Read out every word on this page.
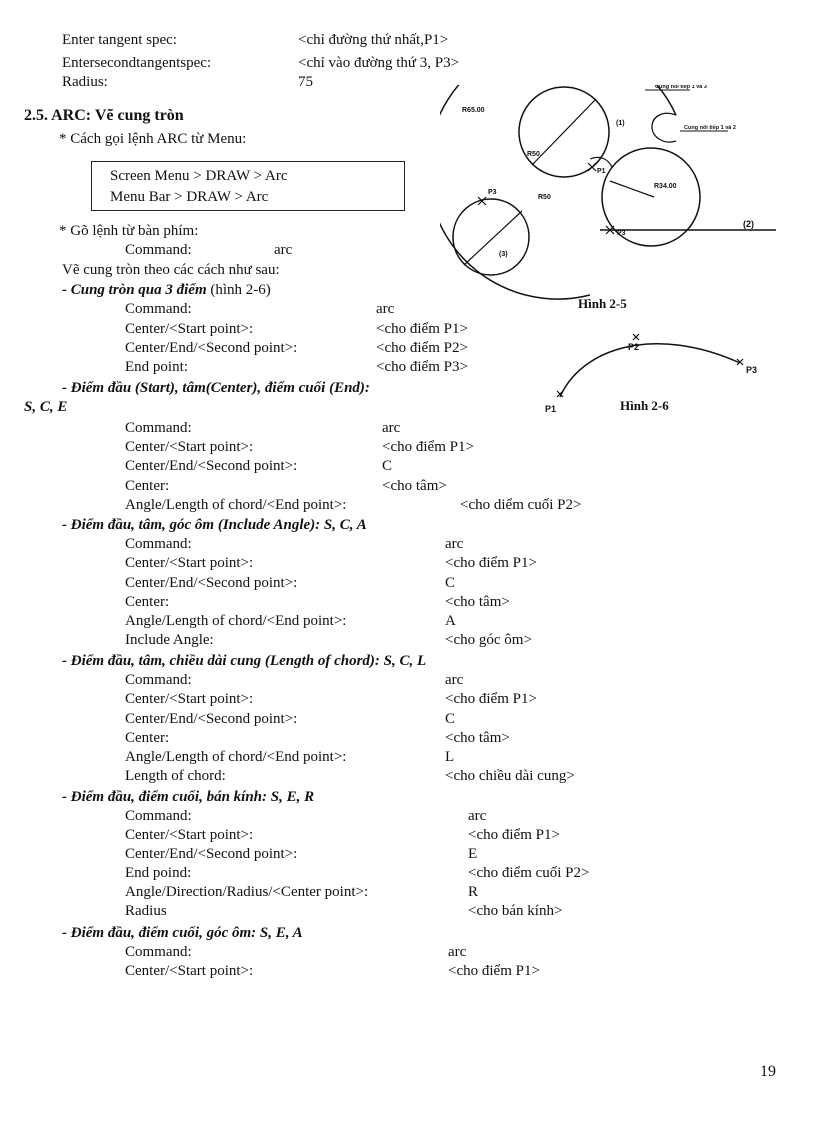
Enter tangent spec:	<chỉ đường thứ nhất,P1>
Entersecondtangentspec:	<chỉ vào đường thứ 3, P3>
Radius:	75
2.5. ARC: Vẽ cung tròn
* Cách gọi lệnh ARC từ Menu:
Screen Menu > DRAW > Arc
Menu Bar > DRAW > Arc
* Gõ lệnh từ bàn phím:
Command:	arc
Vẽ cung tròn theo các cách như sau:
- Cung tròn qua 3 điểm (hình 2-6)
Command:	arc
Center/<Start point>:	<cho điểm P1>
Center/End/<Second point>:	<cho điểm P2>
End point:	<cho điểm P3>
- Điểm đầu (Start), tâm(Center), điểm cuối (End):
S, C, E
Command:	arc
Center/<Start point>:	<cho điểm P1>
Center/End/<Second point>:	C
Center:	<cho tâm>
Angle/Length of chord/<End point>:	<cho diểm cuối P2>
- Điểm đầu, tâm, góc ôm (Include Angle): S, C, A
Command:	arc
Center/<Start point>:	<cho điểm P1>
Center/End/<Second point>:	C
Center:	<cho tâm>
Angle/Length of chord/<End point>:	A
Include Angle:	<cho góc ôm>
- Điểm đầu, tâm, chiều dài cung (Length of chord): S, C, L
Command:	arc
Center/<Start point>:	<cho điểm P1>
Center/End/<Second point>:	C
Center:	<cho tâm>
Angle/Length of chord/<End point>:	L
Length of chord:	<cho chiều dài cung>
- Điểm đầu, điểm cuối, bán kính: S, E, R
Command:	arc
Center/<Start point>:	<cho điểm P1>
Center/End/<Second point>:	E
End poind:	<cho điểm cuối P2>
Angle/Direction/Radius/<Center point>:	R
Radius	<cho bán kính>
- Điểm đầu, điểm cuối, góc ôm: S, E, A
Command:	arc
Center/<Start point>:	<cho điểm P1>
R65.00
Cung nối tiếp 1 và 3
Cung nối tiếp 1 và 2
R50
(1)
P1
R34.00
P3
R50
P3
(2)
(3)
Hình 2-5
P1
P2
P3
Hình 2-6
19
